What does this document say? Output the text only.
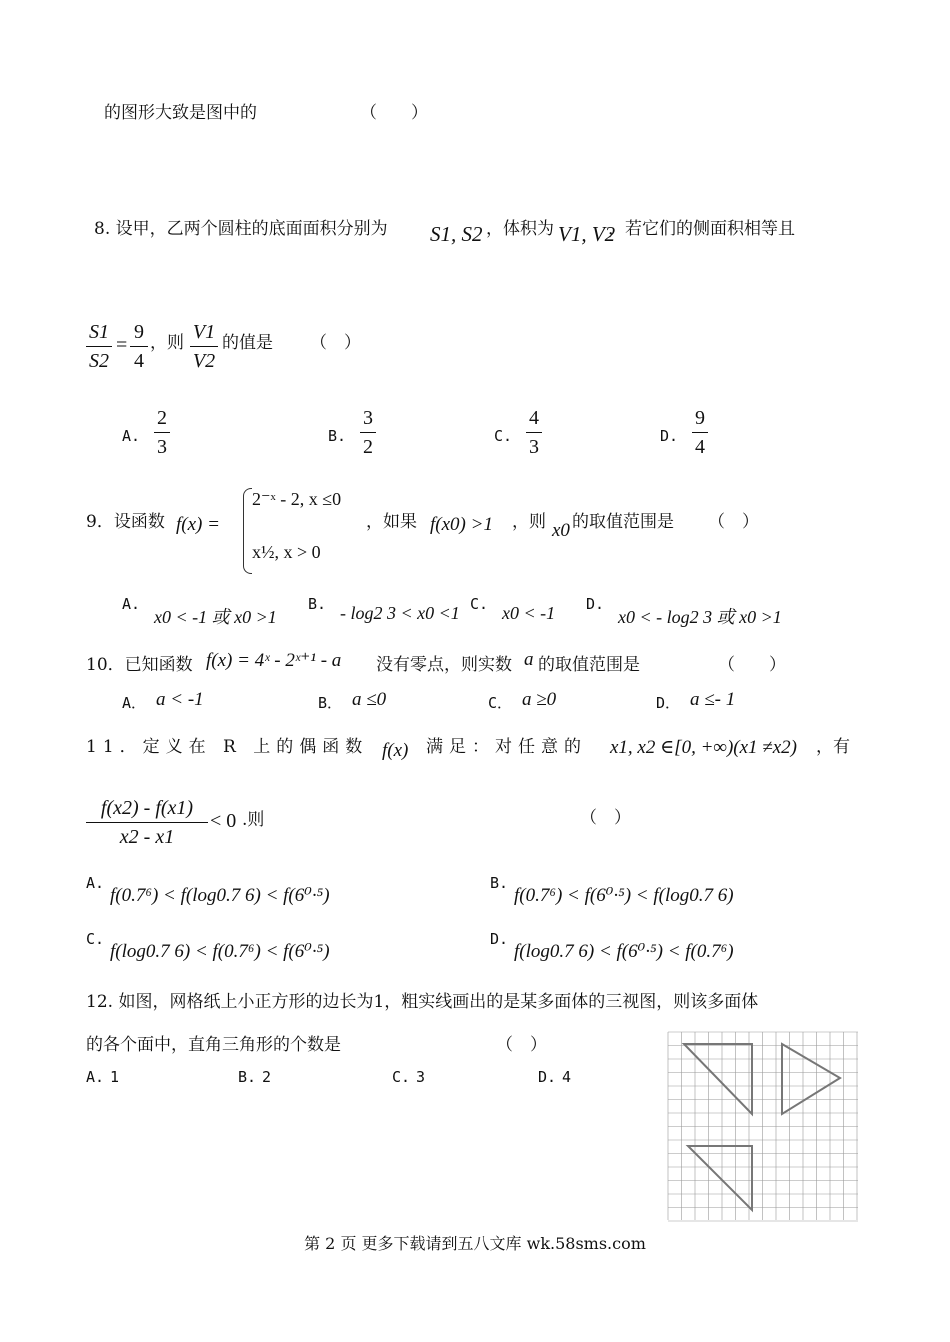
的图形大致是图中的	（　　）
8. 设甲，乙两个圆柱的底面面积分别为 S1, S2 ，体积为 V1, V2
，若它们的侧面积相等且
S1
S2
=
9
4
，则 V1
V2
的值是 （　）
A.
2
3	B.
3
2	C.
4
3	D.
9
4
9．设函数 f(x) =
2⁻ˣ - 2, x ≤0
x½, x > 0
，如果 f(x0) >1 ，则 x0 的取值范围是 （　）
A.
x0 < -1 或 x0 >1
B. - log2 3 < x0 <1 C. x0 < -1 D.
x0 < - log2 3 或 x0 >1
10．已知函数 f(x) = 4ˣ - 2ˣ⁺¹ - a 没有零点，则实数 a 的取值范围是	（　　）
A． a < -1	B． a ≤0	C． a ≥0	D． a ≤- 1
11．定义在 R 上的偶函数 f(x) 满足：对任意的 x1, x2 ∈[0, +∞)(x1 ≠x2) ，有
f(x2) - f(x1)
x2 - x1
< 0 .则	（　）
A.
f(0.7⁶) < f(log0.7 6) < f(6⁰·⁵)
B.
f(0.7⁶) < f(6⁰·⁵) < f(log0.7 6)
C.
f(log0.7 6) < f(0.7⁶) < f(6⁰·⁵)
D.
f(log0.7 6) < f(6⁰·⁵) < f(0.7⁶)
12. 如图，网格纸上小正方形的边长为1，粗实线画出的是某多面体的三视图，则该多面体
的各个面中，直角三角形的个数是	（　）
A. 1	B. 2	C. 3	D. 4
第 2 页 更多下载请到五八文库 wk.58sms.com
